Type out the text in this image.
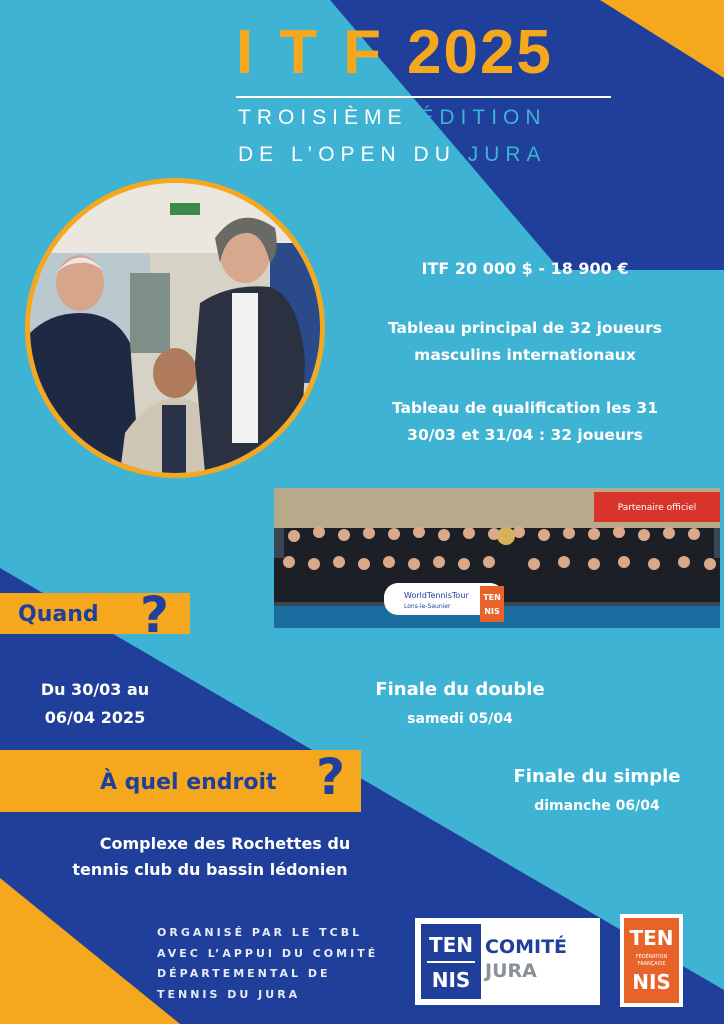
ITF2025
TROISIÈME ÉDITION
DE L’OPEN DU JURA
ITF 20 000 $ - 18 900 €
Tableau principal de 32 joueurs
masculins internationaux
Tableau de qualification les 31
30/03 et 31/04 : 32 joueurs
Partenaire officiel
WorldTennisTour
Lons-le-Saunier
TEN
NIS
Quand ?
Du 30/03 au
06/04 2025
Finale du double
samedi 05/04
Finale du simple
dimanche 06/04
À quel endroit ?
Complexe des Rochettes du
tennis club du bassin lédonien
ORGANISÉ PAR LE TCBL
AVEC L’APPUI DU COMITÉ
DÉPARTEMENTAL DE
TENNIS DU JURA
TEN
NIS
COMITÉ
JURA
TEN
FÉDÉRATION FRANÇAISE
NIS
